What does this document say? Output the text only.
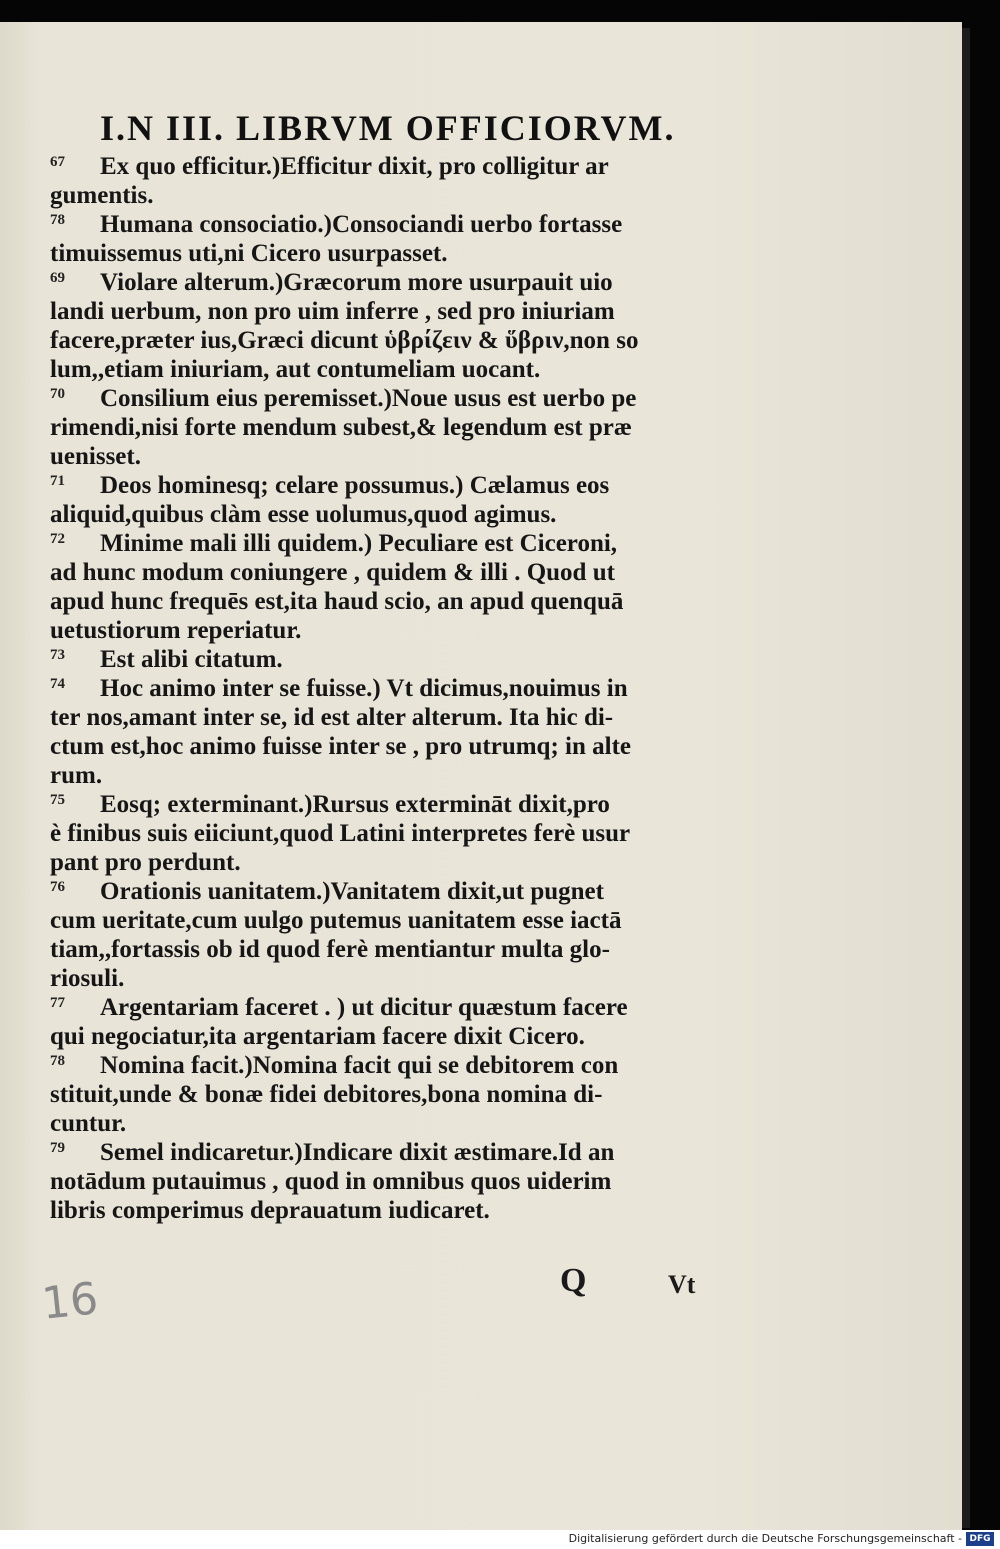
I.N III. LIBRVM OFFICIORVM.
67	Ex quo efficitur.)Efficitur dixit, pro colligitur ar
gumentis.
78	Humana consociatio.)Consociandi uerbo fortasse
timuissemus uti,ni Cicero usurpasset.
69	Violare alterum.)Græcorum more usurpauit uio
landi uerbum, non pro uim inferre , sed pro iniuriam
facere,præter ius,Græci dicunt ὑβρίζειν & ὕβριν,non so
lum,,etiam iniuriam, aut contumeliam uocant.
70	Consilium eius peremisset.)Noue usus est uerbo pe
rimendi,nisi forte mendum subest,& legendum est præ
uenisset.
71	Deos hominesq; celare possumus.) Cælamus eos
aliquid,quibus clàm esse uolumus,quod agimus.
72	Minime mali illi quidem.) Peculiare est Ciceroni,
ad hunc modum coniungere , quidem & illi . Quod ut
apud hunc frequēs est,ita haud scio, an apud quenquā
uetustiorum reperiatur.
73	Est alibi citatum.
74	Hoc animo inter se fuisse.) Vt dicimus,nouimus in
ter nos,amant inter se, id est alter alterum. Ita hic di-
ctum est,hoc animo fuisse inter se , pro utrumq; in alte
rum.
75	Eosq; exterminant.)Rursus extermināt dixit,pro
è finibus suis eiiciunt,quod Latini interpretes ferè usur
pant pro perdunt.
76	Orationis uanitatem.)Vanitatem dixit,ut pugnet
cum ueritate,cum uulgo putemus uanitatem esse iactā
tiam,,fortassis ob id quod ferè mentiantur multa glo-
riosuli.
77	Argentariam faceret . ) ut dicitur quæstum facere
qui negociatur,ita argentariam facere dixit Cicero.
78	Nomina facit.)Nomina facit qui se debitorem con
stituit,unde & bonæ fidei debitores,bona nomina di-
cuntur.
79	Semel indicaretur.)Indicare dixit æstimare.Id an
notādum putauimus , quod in omnibus quos uiderim
libris comperimus deprauatum iudicaret.
16	Q	Vt
Digitalisierung gefördert durch die Deutsche Forschungsgemeinschaft - DFG
